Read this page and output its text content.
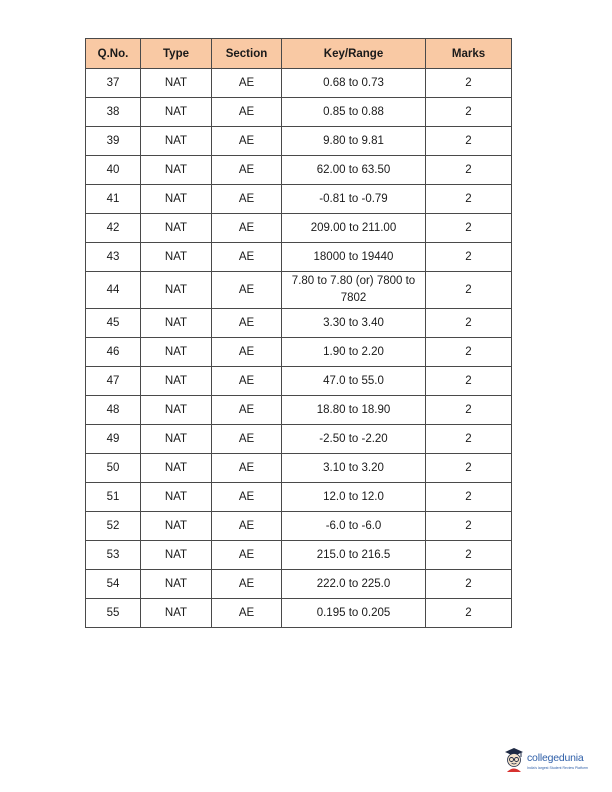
Q.No.	Type	Section	Key/Range	Marks
37	NAT	AE	0.68 to 0.73	2
38	NAT	AE	0.85 to 0.88	2
39	NAT	AE	9.80 to 9.81	2
40	NAT	AE	62.00 to 63.50	2
41	NAT	AE	-0.81 to -0.79	2
42	NAT	AE	209.00 to 211.00	2
43	NAT	AE	18000 to 19440	2
44	NAT	AE	7.80 to 7.80 (or) 7800 to 7802	2
45	NAT	AE	3.30 to 3.40	2
46	NAT	AE	1.90 to 2.20	2
47	NAT	AE	47.0 to 55.0	2
48	NAT	AE	18.80 to 18.90	2
49	NAT	AE	-2.50 to -2.20	2
50	NAT	AE	3.10 to 3.20	2
51	NAT	AE	12.0 to 12.0	2
52	NAT	AE	-6.0 to -6.0	2
53	NAT	AE	215.0 to 216.5	2
54	NAT	AE	222.0 to 225.0	2
55	NAT	AE	0.195 to 0.205	2
collegedunia
India's largest Student Review Platform
